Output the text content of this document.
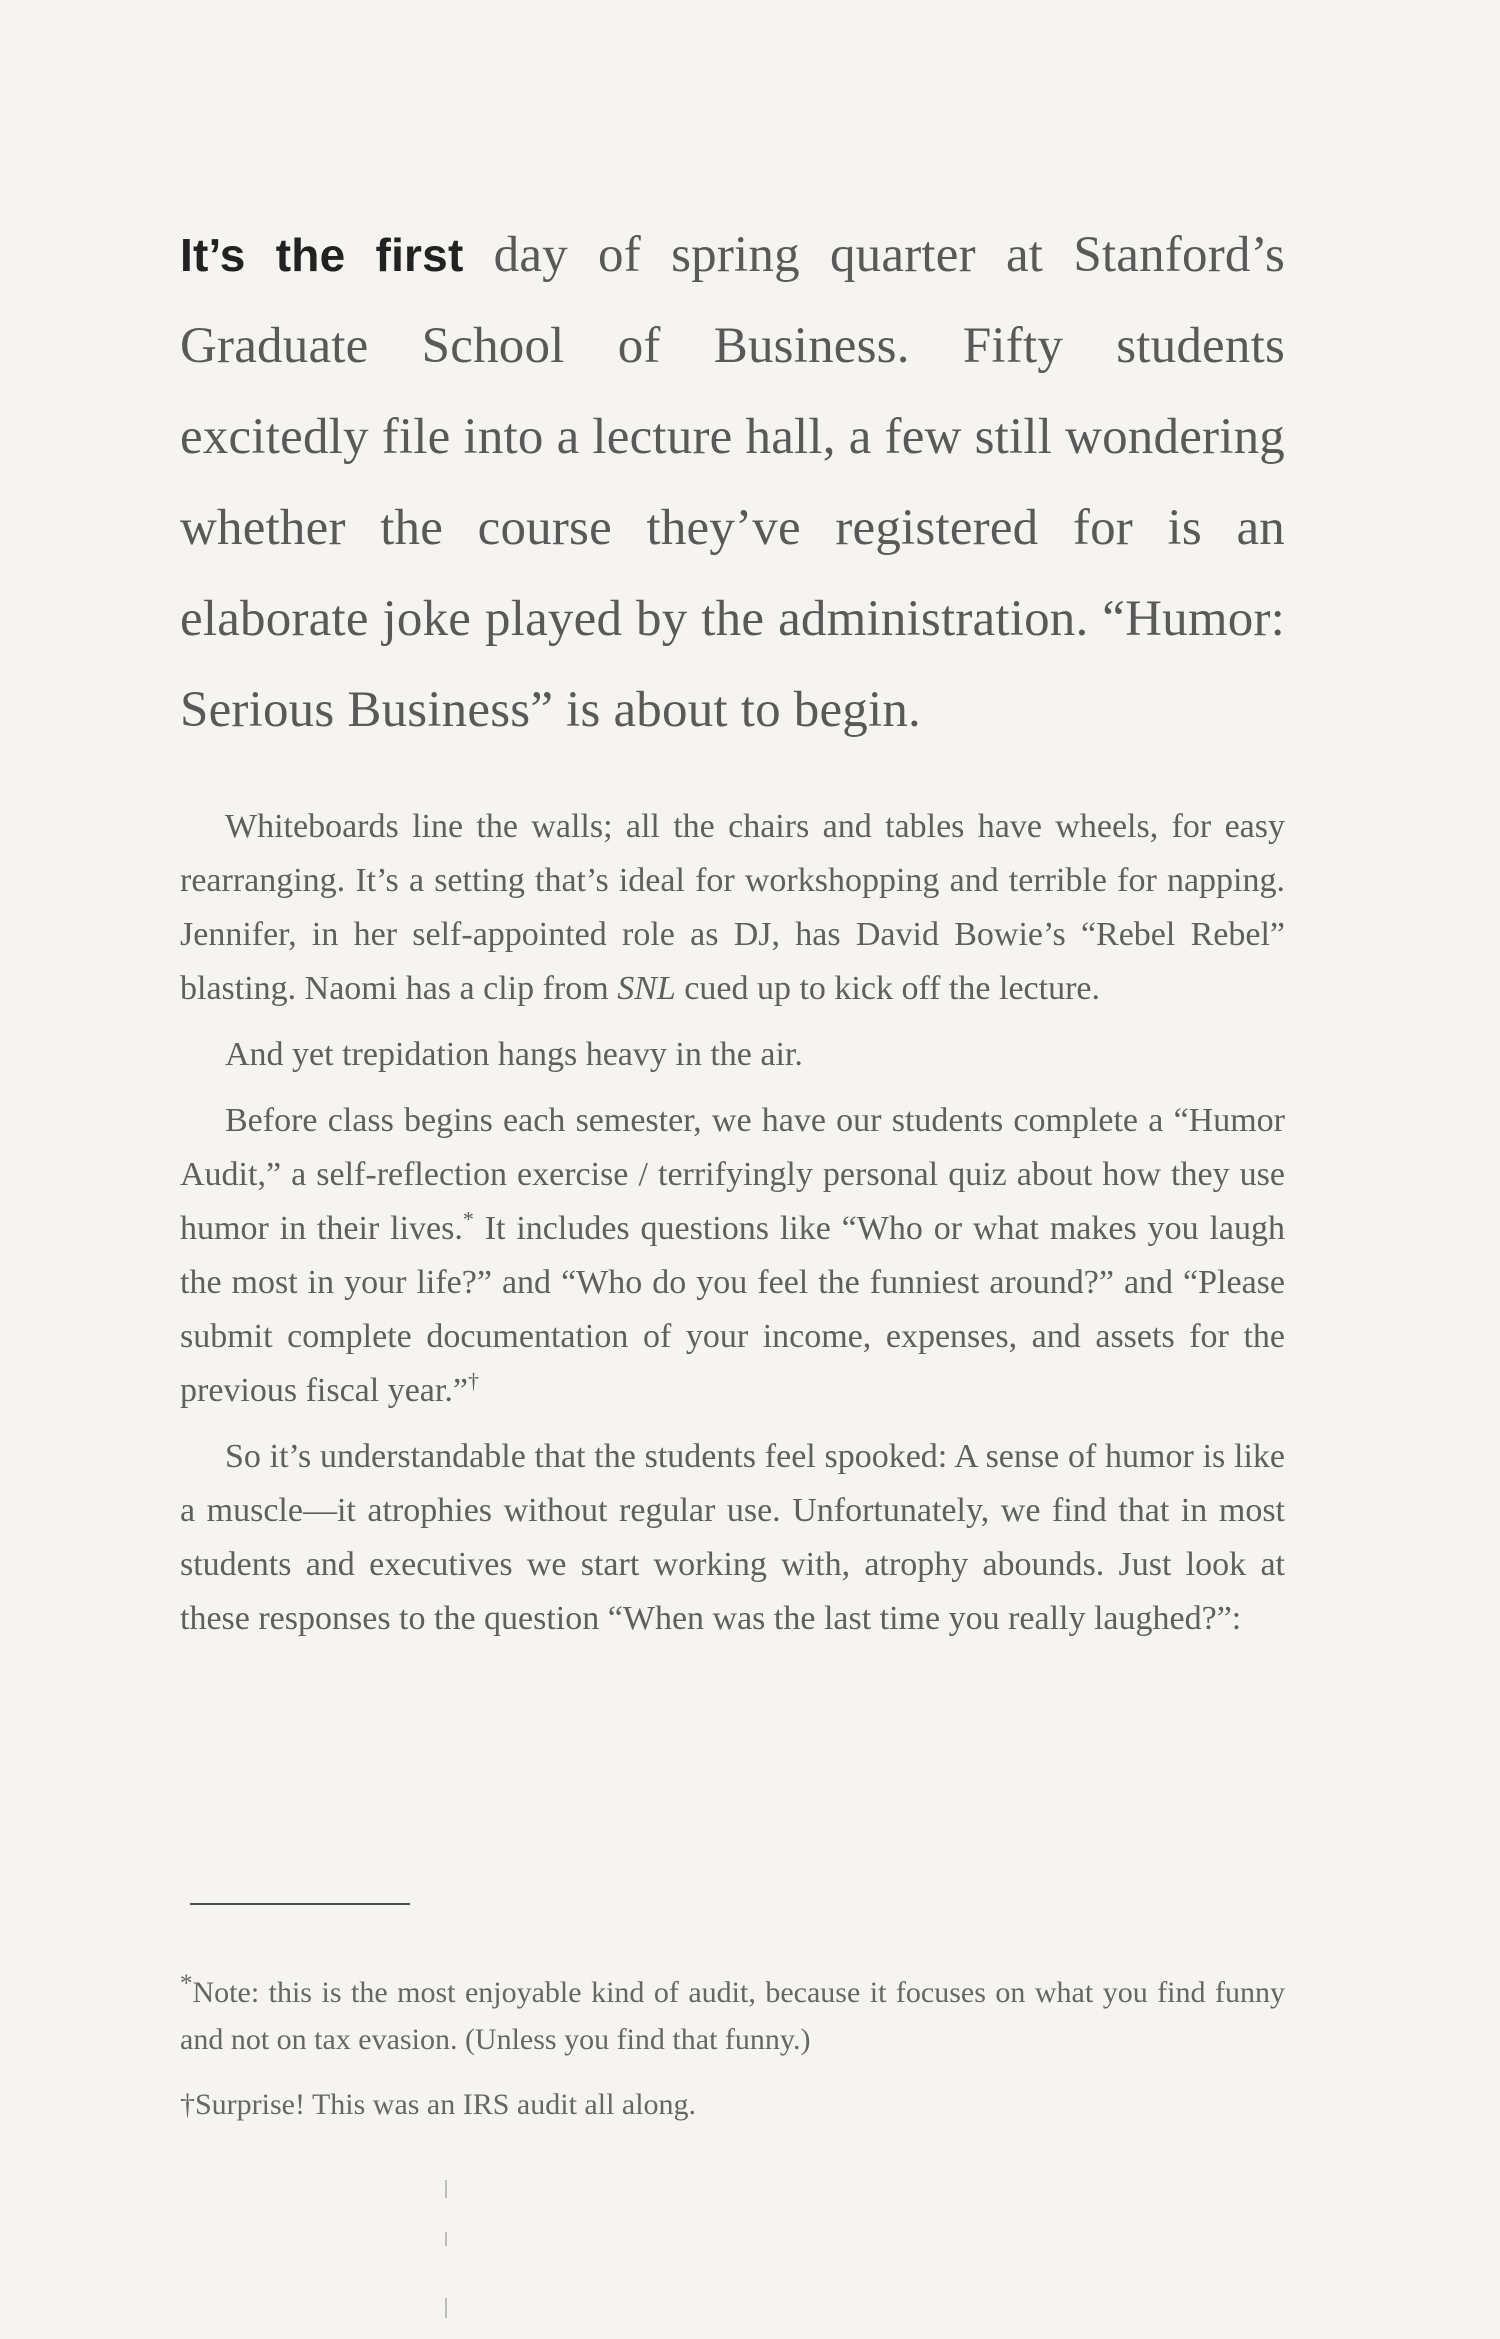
It’s the first day of spring quarter at Stanford’s Graduate School of Business. Fifty students excitedly file into a lecture hall, a few still wondering whether the course they’ve registered for is an elaborate joke played by the administration. “Humor: Serious Business” is about to begin.

Whiteboards line the walls; all the chairs and tables have wheels, for easy rearranging. It’s a setting that’s ideal for workshopping and terrible for napping. Jennifer, in her self-appointed role as DJ, has David Bowie’s “Rebel Rebel” blasting. Naomi has a clip from SNL cued up to kick off the lecture.

And yet trepidation hangs heavy in the air.

Before class begins each semester, we have our students complete a “Humor Audit,” a self-reflection exercise / terrifyingly personal quiz about how they use humor in their lives.* It includes questions like “Who or what makes you laugh the most in your life?” and “Who do you feel the funniest around?” and “Please submit complete documentation of your income, expenses, and assets for the previous fiscal year.”†

So it’s understandable that the students feel spooked: A sense of humor is like a muscle—it atrophies without regular use. Unfortunately, we find that in most students and executives we start working with, atrophy abounds. Just look at these responses to the question “When was the last time you really laughed?”:

*Note: this is the most enjoyable kind of audit, because it focuses on what you find funny and not on tax evasion. (Unless you find that funny.)

†Surprise! This was an IRS audit all along.
